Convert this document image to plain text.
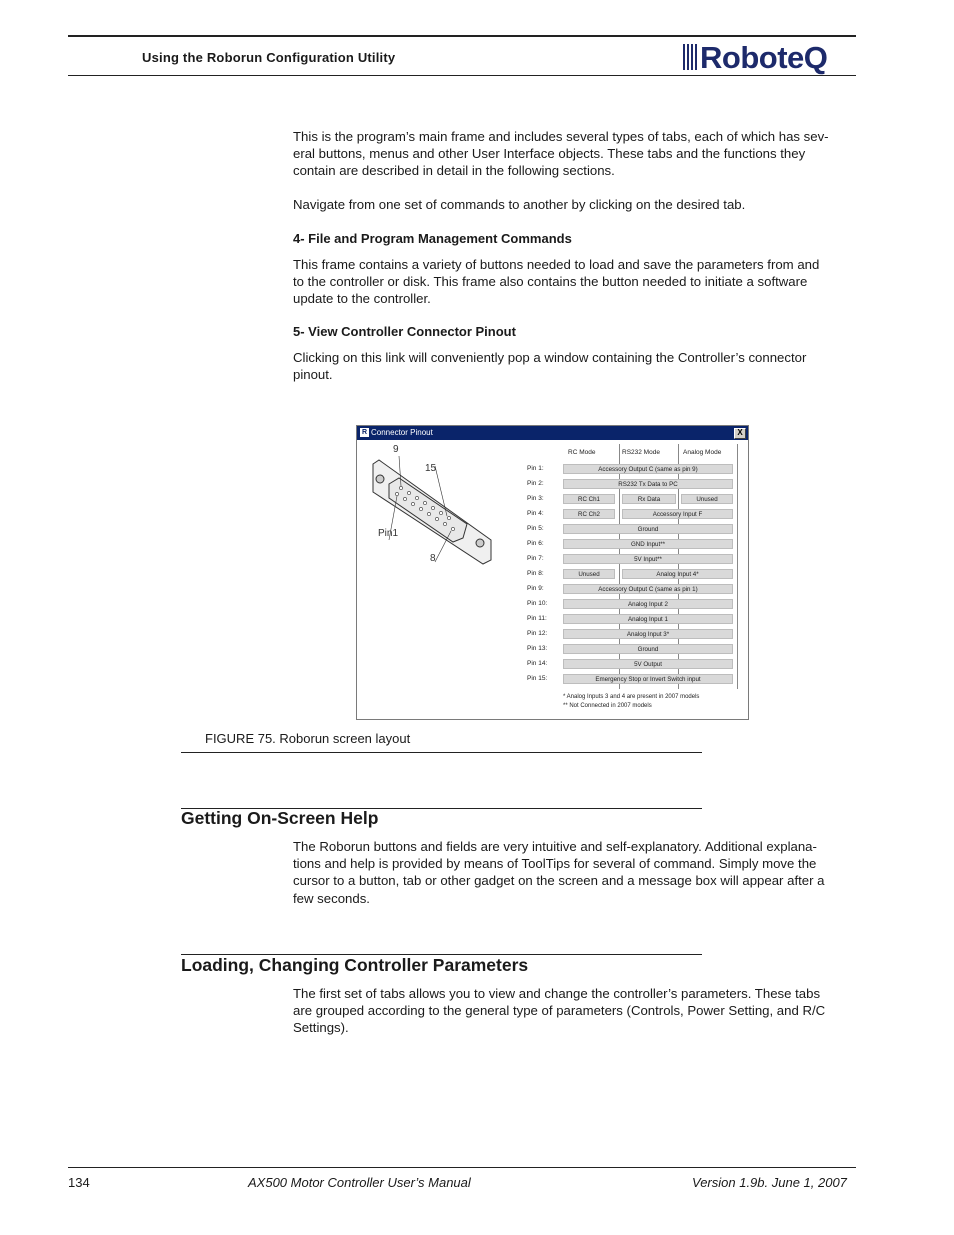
Using the Roborun Configuration Utility	RoboteQ
This is the program’s main frame and includes several types of tabs, each of which has sev-
eral buttons, menus and other User Interface objects. These tabs and the functions they
contain are described in detail in the following sections.
Navigate from one set of commands to another by clicking on the desired tab.
4- File and Program Management Commands
This frame contains a variety of buttons needed to load and save the parameters from and
to the controller or disk. This frame also contains the button needed to initiate a software
update to the controller.
5- View Controller Connector Pinout
Clicking on this link will conveniently pop a window containing the Controller’s connector
pinout.
R Connector Pinout	X
9
15
Pin1
8
RC Mode	RS232 Mode	Analog Mode
Pin 1:	Accessory Output C (same as pin 9)
Pin 2:	RS232 Tx Data to PC
Pin 3:	RC Ch1	Rx Data	Unused
Pin 4:	RC Ch2	Accessory Input F
Pin 5:	Ground
Pin 6:	GND Input**
Pin 7:	5V Input**
Pin 8:	Unused	Analog Input 4*
Pin 9:	Accessory Output C (same as pin 1)
Pin 10:	Analog Input 2
Pin 11:	Analog Input 1
Pin 12:	Analog Input 3*
Pin 13:	Ground
Pin 14:	5V Output
Pin 15:	Emergency Stop or Invert Switch input
* Analog Inputs 3 and 4 are present in 2007 models
** Not Connected in 2007 models
FIGURE 75. Roborun screen layout
Getting On-Screen Help
The Roborun buttons and fields are very intuitive and self-explanatory. Additional explana-
tions and help is provided by means of ToolTips for several of command. Simply move the
cursor to a button, tab or other gadget on the screen and a message box will appear after a
few seconds.
Loading, Changing Controller Parameters
The first set of tabs allows you to view and change the controller’s parameters. These tabs
are grouped according to the general type of parameters (Controls, Power Setting, and R/C
Settings).
134	AX500 Motor Controller User’s Manual	Version 1.9b. June 1, 2007
